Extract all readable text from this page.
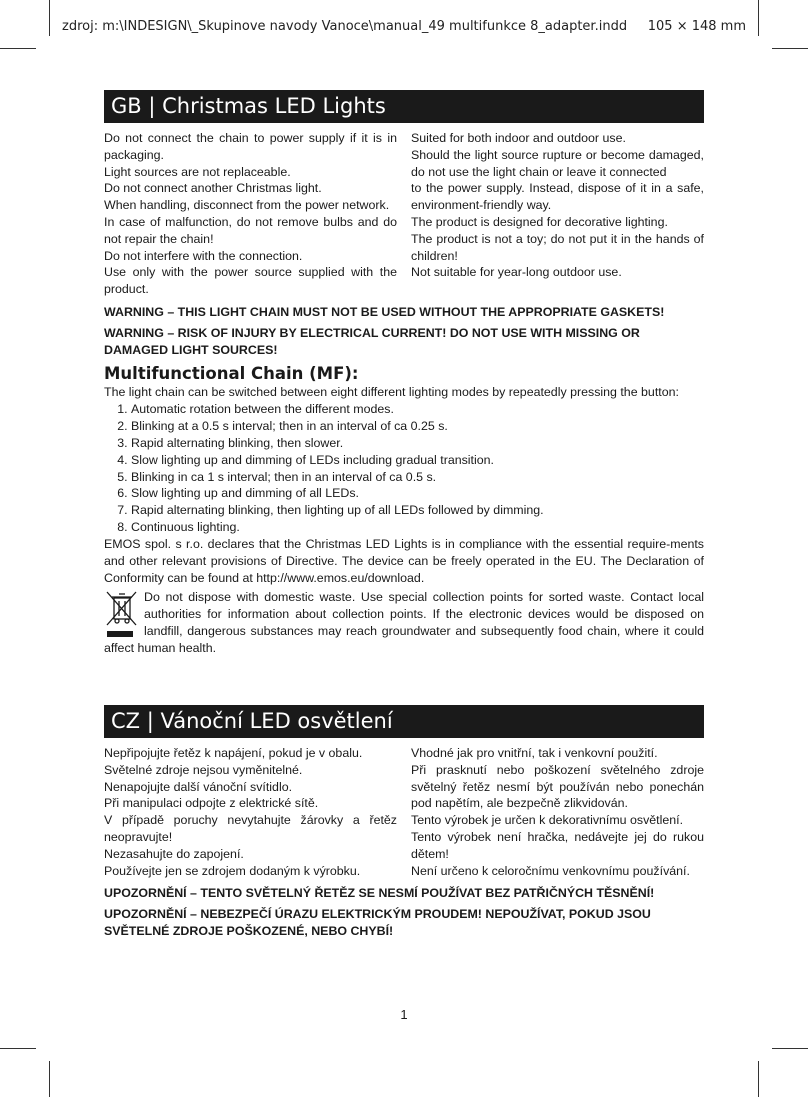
zdroj: m:\INDESIGN\_Skupinove navody Vanoce\manual_49 multifunkce 8_adapter.indd 105 × 148 mm
GB | Christmas LED Lights

Do not connect the chain to power supply if it is in packaging.

Light sources are not replaceable.

Do not connect another Christmas light.

When handling, disconnect from the power network.

In case of malfunction, do not remove bulbs and do not repair the chain!

Do not interfere with the connection.

Use only with the power source supplied with the product.

Suited for both indoor and outdoor use.

Should the light source rupture or become damaged, do not use the light chain or leave it connected

to the power supply. Instead, dispose of it in a safe, environment-friendly way.

The product is designed for decorative lighting.

The product is not a toy; do not put it in the hands of children!

Not suitable for year-long outdoor use.

WARNING – THIS LIGHT CHAIN MUST NOT BE USED WITHOUT THE APPROPRIATE GASKETS!

WARNING – RISK OF INJURY BY ELECTRICAL CURRENT! DO NOT USE WITH MISSING OR DAMAGED LIGHT SOURCES!

Multifunctional Chain (MF):

The light chain can be switched between eight different lighting modes by repeatedly pressing the button:

1. Automatic rotation between the different modes.
2. Blinking at a 0.5 s interval; then in an interval of ca 0.25 s.
3. Rapid alternating blinking, then slower.
4. Slow lighting up and dimming of LEDs including gradual transition.
5. Blinking in ca 1 s interval; then in an interval of ca 0.5 s.
6. Slow lighting up and dimming of all LEDs.
7. Rapid alternating blinking, then lighting up of all LEDs followed by dimming.
8. Continuous lighting.

EMOS spol. s r.o. declares that the Christmas LED Lights is in compliance with the essential require-ments and other relevant provisions of Directive. The device can be freely operated in the EU. The Declaration of Conformity can be found at http://www.emos.eu/download.

Do not dispose with domestic waste. Use special collection points for sorted waste. Contact local authorities for information about collection points. If the electronic devices would be disposed on landfill, dangerous substances may reach groundwater and subsequently food chain, where it could affect human health.

CZ | Vánoční LED osvětlení

Nepřipojujte řetěz k napájení, pokud je v obalu.

Světelné zdroje nejsou vyměnitelné.

Nenapojujte další vánoční svítidlo.

Při manipulaci odpojte z elektrické sítě.

V případě poruchy nevytahujte žárovky a řetěz neopravujte!

Nezasahujte do zapojení.

Používejte jen se zdrojem dodaným k výrobku.

Vhodné jak pro vnitřní, tak i venkovní použití.

Při prasknutí nebo poškození světelného zdroje světelný řetěz nesmí být používán nebo ponechán pod napětím, ale bezpečně zlikvidován.

Tento výrobek je určen k dekorativnímu osvětlení.

Tento výrobek není hračka, nedávejte jej do rukou dětem!

Není určeno k celoročnímu venkovnímu používání.

UPOZORNĚNÍ – TENTO SVĚTELNÝ ŘETĚZ SE NESMÍ POUŽÍVAT BEZ PATŘIČNÝCH TĚSNĚNÍ!

UPOZORNĚNÍ – NEBEZPEČÍ ÚRAZU ELEKTRICKÝM PROUDEM! NEPOUŽÍVAT, POKUD JSOU SVĚTELNÉ ZDROJE POŠKOZENÉ, NEBO CHYBÍ!

1
